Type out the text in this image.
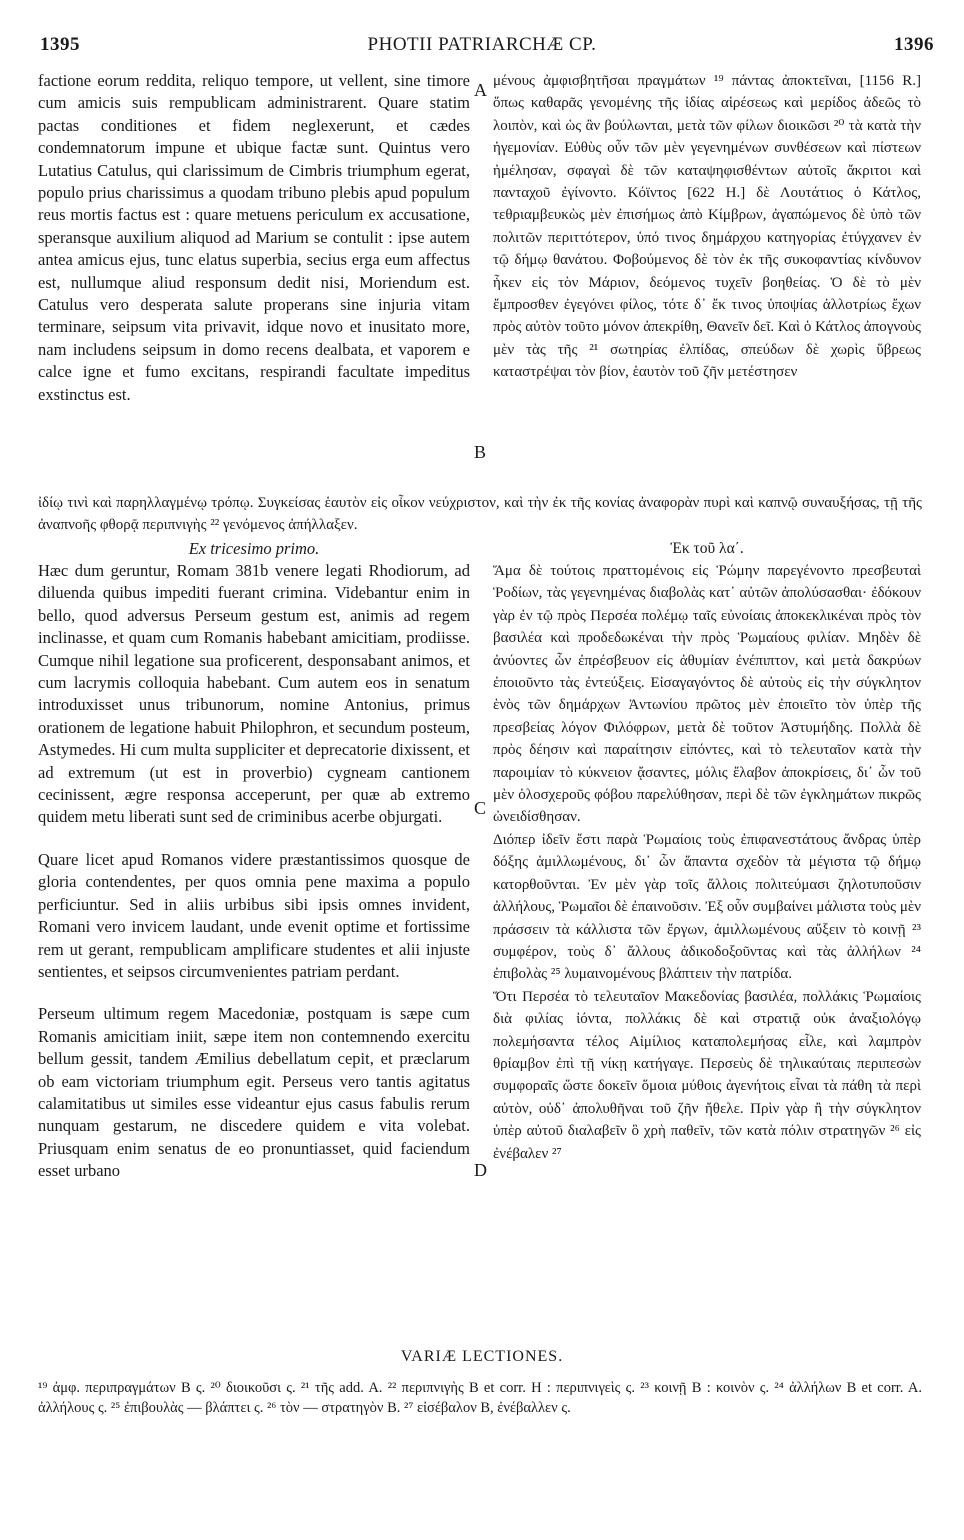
1395	PHOTII PATRIARCHÆ CP.	1396
A
B
C
D

factione eorum reddita, reliquo tempore, ut vellent, sine timore cum amicis suis rempublicam administrarent. Quare statim pactas conditiones et fidem neglexerunt, et cædes condemnatorum impune et ubique factæ sunt. Quintus vero Lutatius Catulus, qui clarissimum de Cimbris triumphum egerat, populo prius charissimus a quodam tribuno plebis apud populum reus mortis factus est : quare metuens periculum ex accusatione, speransque auxilium aliquod ad Marium se contulit : ipse autem antea amicus ejus, tunc elatus superbia, secius erga eum affectus est, nullumque aliud responsum dedit nisi, Moriendum est. Catulus vero desperata salute properans sine injuria vitam terminare, seipsum vita privavit, idque novo et inusitato more, nam includens seipsum in domo recens dealbata, et vaporem e calce igne et fumo excitans, respirandi facultate impeditus exstinctus est.

μένους ἀμφισβητῆσαι πραγμάτων ¹⁹ πάντας ἀποκτεῖναι, [1156 R.] ὅπως καθαρᾶς γενομένης τῆς ἰδίας αἱρέσεως καὶ μερίδος ἀδεῶς τὸ λοιπὸν, καὶ ὡς ἂν βούλωνται, μετὰ τῶν φίλων διοικῶσι ²⁰ τὰ κατὰ τὴν ἡγεμονίαν. Εὐθὺς οὖν τῶν μὲν γεγενημένων συνθέσεων καὶ πίστεων ἠμέλησαν, σφαγαὶ δὲ τῶν καταψηφισθέντων αὐτοῖς ἄκριτοι καὶ πανταχοῦ ἐγίνοντο. Κόϊντος [622 H.] δὲ Λουτάτιος ὁ Κάτλος, τεθριαμβευκὼς μὲν ἐπισήμως ἀπὸ Κίμβρων, ἀγαπώμενος δὲ ὑπὸ τῶν πολιτῶν περιττότερον, ὑπό τινος δημάρχου κατηγορίας ἐτύγχανεν ἐν τῷ δήμῳ θανάτου. Φοβούμενος δὲ τὸν ἐκ τῆς συκοφαντίας κίνδυνον ἧκεν εἰς τὸν Μάριον, δεόμενος τυχεῖν βοηθείας. Ὁ δὲ τὸ μὲν ἔμπροσθεν ἐγεγόνει φίλος, τότε δ᾽ ἔκ τινος ὑποψίας ἀλλοτρίως ἔχων πρὸς αὐτὸν τοῦτο μόνον ἀπεκρίθη, Θανεῖν δεῖ. Καὶ ὁ Κάτλος ἀπογνοὺς μὲν τὰς τῆς ²¹ σωτηρίας ἐλπίδας, σπεύδων δὲ χωρὶς ὕβρεως καταστρέψαι τὸν βίον, ἑαυτὸν τοῦ ζῆν μετέστησεν

ἰδίῳ τινὶ καὶ παρηλλαγμένῳ τρόπῳ. Συγκείσας ἑαυτὸν εἰς οἶκον νεύχριστον, καὶ τὴν ἐκ τῆς κονίας ἀναφορὰν πυρὶ καὶ καπνῷ συναυξήσας, τῇ τῆς ἀναπνοῆς φθορᾷ περιπνιγὴς ²² γενόμενος ἀπήλλαξεν.
Ex tricesimo primo.

Hæc dum geruntur, Romam 381b venere legati Rhodiorum, ad diluenda quibus impediti fuerant crimina. Videbantur enim in bello, quod adversus Perseum gestum est, animis ad regem inclinasse, et quam cum Romanis habebant amicitiam, prodiisse. Cumque nihil legatione sua proficerent, desponsabant animos, et cum lacrymis colloquia habebant. Cum autem eos in senatum introduxisset unus tribunorum, nomine Antonius, primus orationem de legatione habuit Philophron, et secundum posteum, Astymedes. Hi cum multa suppliciter et deprecatorie dixissent, et ad extremum (ut est in proverbio) cygneam cantionem cecinissent, ægre responsa acceperunt, per quæ ab extremo quidem metu liberati sunt sed de criminibus acerbe objurgati.

Quare licet apud Romanos videre præstantissimos quosque de gloria contendentes, per quos omnia pene maxima a populo perficiuntur. Sed in aliis urbibus sibi ipsis omnes invident, Romani vero invicem laudant, unde evenit optime et fortissime rem ut gerant, rempublicam amplificare studentes et alii injuste sentientes, et seipsos circumvenientes patriam perdant.

Perseum ultimum regem Macedoniæ, postquam is sæpe cum Romanis amicitiam iniit, sæpe item non contemnendo exercitu bellum gessit, tandem Æmilius debellatum cepit, et præclarum ob eam victoriam triumphum egit. Perseus vero tantis agitatus calamitatibus ut similes esse videantur ejus casus fabulis rerum nunquam gestarum, ne discedere quidem e vita volebat. Priusquam enim senatus de eo pronuntiasset, quid faciendum esset urbano

Ἐκ τοῦ λα΄.

Ἅμα δὲ τούτοις πραττομένοις εἰς Ῥώμην παρεγένοντο πρεσβευταὶ Ῥοδίων, τὰς γεγενημένας διαβολὰς κατ᾽ αὐτῶν ἀπολύσασθαι· ἐδόκουν γὰρ ἐν τῷ πρὸς Περσέα πολέμῳ ταῖς εὐνοίαις ἀποκεκλικέναι πρὸς τὸν βασιλέα καὶ προδεδωκέναι τὴν πρὸς Ῥωμαίους φιλίαν. Μηδὲν δὲ ἀνύοντες ὧν ἐπρέσβευον εἰς ἀθυμίαν ἐνέπιπτον, καὶ μετὰ δακρύων ἐποιοῦντο τὰς ἐντεύξεις. Εἰσαγαγόντος δὲ αὐτοὺς εἰς τὴν σύγκλητον ἑνὸς τῶν δημάρχων Ἀντωνίου πρῶτος μὲν ἐποιεῖτο τὸν ὑπὲρ τῆς πρεσβείας λόγον Φιλόφρων, μετὰ δὲ τοῦτον Ἀστυμήδης. Πολλὰ δὲ πρὸς δέησιν καὶ παραίτησιν εἰπόντες, καὶ τὸ τελευταῖον κατὰ τὴν παροιμίαν τὸ κύκνειον ᾄσαντες, μόλις ἔλαβον ἀποκρίσεις, δι᾽ ὧν τοῦ μὲν ὁλοσχεροῦς φόβου παρελύθησαν, περὶ δὲ τῶν ἐγκλημάτων πικρῶς ὠνειδίσθησαν.

Διόπερ ἰδεῖν ἔστι παρὰ Ῥωμαίοις τοὺς ἐπιφανεστάτους ἄνδρας ὑπὲρ δόξης ἁμιλλωμένους, δι᾽ ὧν ἅπαντα σχεδὸν τὰ μέγιστα τῷ δήμῳ κατορθοῦνται. Ἐν μὲν γὰρ τοῖς ἄλλοις πολιτεύμασι ζηλοτυποῦσιν ἀλλήλους, Ῥωμαῖοι δὲ ἐπαινοῦσιν. Ἐξ οὗν συμβαίνει μάλιστα τοὺς μὲν πράσσειν τὰ κάλλιστα τῶν ἔργων, ἁμιλλωμένους αὔξειν τὸ κοινῇ ²³ συμφέρον, τοὺς δ᾽ ἄλλους ἀδικοδοξοῦντας καὶ τὰς ἀλλήλων ²⁴ ἐπιβολὰς ²⁵ λυμαινομένους βλάπτειν τὴν πατρίδα.

Ὅτι Περσέα τὸ τελευταῖον Μακεδονίας βασιλέα, πολλάκις Ῥωμαίοις διὰ φιλίας ἰόντα, πολλάκις δὲ καὶ στρατιᾷ οὐκ ἀναξιολόγῳ πολεμήσαντα τέλος Αἰμίλιος καταπολεμήσας εἷλε, καὶ λαμπρὸν θρίαμβον ἐπὶ τῇ νίκῃ κατήγαγε. Περσεὺς δὲ τηλικαύταις περιπεσὼν συμφοραῖς ὥστε δοκεῖν ὅμοια μύθοις ἀγενήτοις εἶναι τὰ πάθη τὰ περὶ αὐτὸν, οὐδ᾽ ἀπολυθῆναι τοῦ ζῆν ἤθελε. Πρὶν γὰρ ἢ τὴν σύγκλητον ὑπὲρ αὐτοῦ διαλαβεῖν ὃ χρὴ παθεῖν, τῶν κατὰ πόλιν στρατηγῶν ²⁶ εἰς ἐνέβαλεν ²⁷

VARIÆ LECTIONES.
¹⁹ ἀμφ. περιπραγμάτων B ς. ²⁰ διοικοῦσι ς. ²¹ τῆς add. A. ²² περιπνιγὴς B et corr. H : περιπνιγεὶς ς. ²³ κοινῇ B : κοινὸν ς. ²⁴ ἀλλήλων B et corr. A. ἀλλήλους ς. ²⁵ ἐπιβουλὰς — βλάπτει ς. ²⁶ τὸν — στρατηγὸν B. ²⁷ εἰσέβαλον B, ἐνέβαλλεν ς.
